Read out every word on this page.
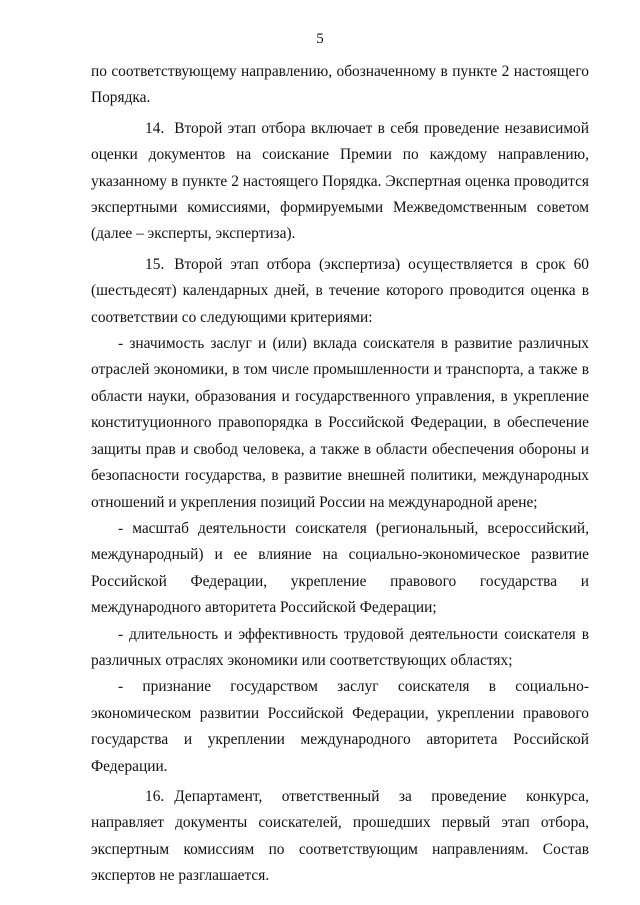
5

по соответствующему направлению, обозначенному в пункте 2 настоящего Порядка.

14. Второй этап отбора включает в себя проведение независимой оценки документов на соискание Премии по каждому направлению, указанному в пункте 2 настоящего Порядка. Экспертная оценка проводится экспертными комиссиями, формируемыми Межведомственным советом (далее – эксперты, экспертиза).

15. Второй этап отбора (экспертиза) осуществляется в срок 60 (шестьдесят) календарных дней, в течение которого проводится оценка в соответствии со следующими критериями:

- значимость заслуг и (или) вклада соискателя в развитие различных отраслей экономики, в том числе промышленности и транспорта, а также в области науки, образования и государственного управления, в укрепление конституционного правопорядка в Российской Федерации, в обеспечение защиты прав и свобод человека, а также в области обеспечения обороны и безопасности государства, в развитие внешней политики, международных отношений и укрепления позиций России на международной арене;

- масштаб деятельности соискателя (региональный, всероссийский, международный) и ее влияние на социально-экономическое развитие Российской Федерации, укрепление правового государства и международного авторитета Российской Федерации;

- длительность и эффективность трудовой деятельности соискателя в различных отраслях экономики или соответствующих областях;

- признание государством заслуг соискателя в социально-экономическом развитии Российской Федерации, укреплении правового государства и укреплении международного авторитета Российской Федерации.

16. Департамент, ответственный за проведение конкурса, направляет документы соискателей, прошедших первый этап отбора, экспертным комиссиям по соответствующим направлениям. Состав экспертов не разглашается.
